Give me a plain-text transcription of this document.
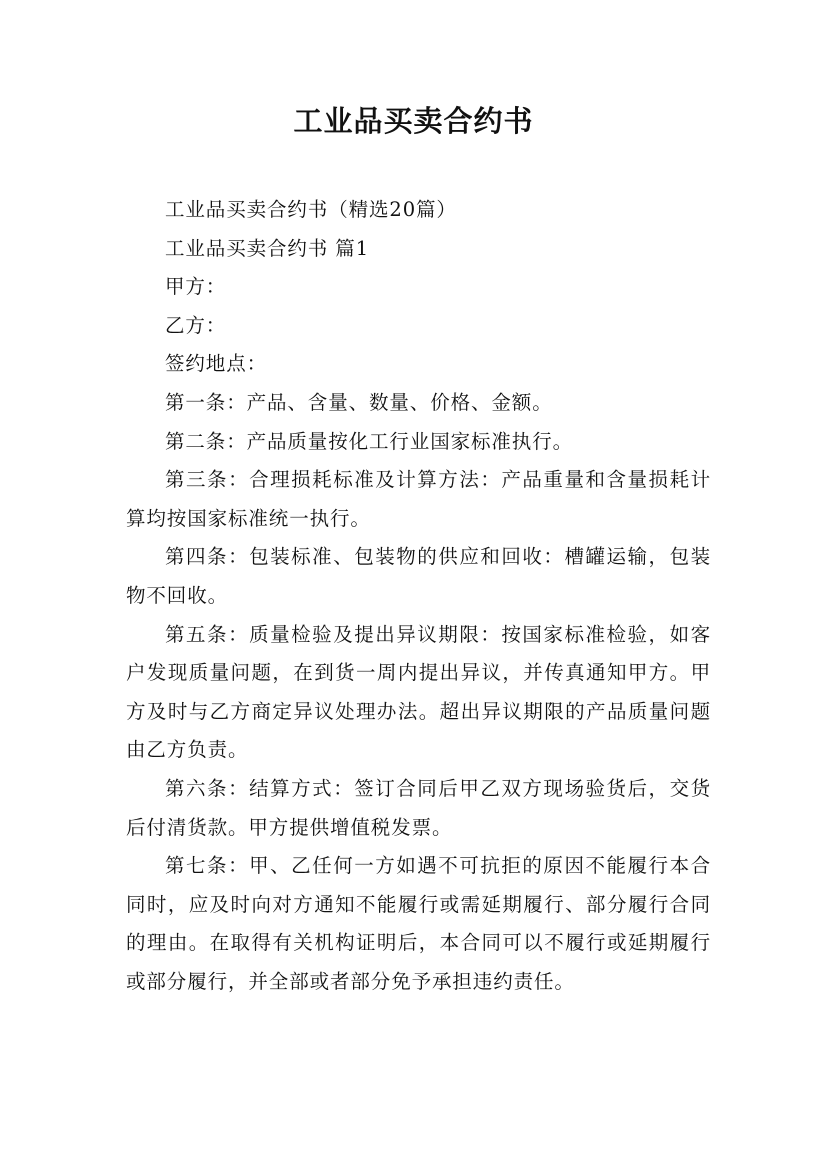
工业品买卖合约书

工业品买卖合约书（精选20篇）

工业品买卖合约书 篇1

甲方：

乙方：

签约地点：

第一条：产品、含量、数量、价格、金额。

第二条：产品质量按化工行业国家标准执行。

第三条：合理损耗标准及计算方法：产品重量和含量损耗计算均按国家标准统一执行。

第四条：包装标准、包装物的供应和回收：槽罐运输，包装物不回收。

第五条：质量检验及提出异议期限：按国家标准检验，如客户发现质量问题，在到货一周内提出异议，并传真通知甲方。甲方及时与乙方商定异议处理办法。超出异议期限的产品质量问题由乙方负责。

第六条：结算方式：签订合同后甲乙双方现场验货后，交货后付清货款。甲方提供增值税发票。

第七条：甲、乙任何一方如遇不可抗拒的原因不能履行本合同时，应及时向对方通知不能履行或需延期履行、部分履行合同的理由。在取得有关机构证明后，本合同可以不履行或延期履行或部分履行，并全部或者部分免予承担违约责任。
